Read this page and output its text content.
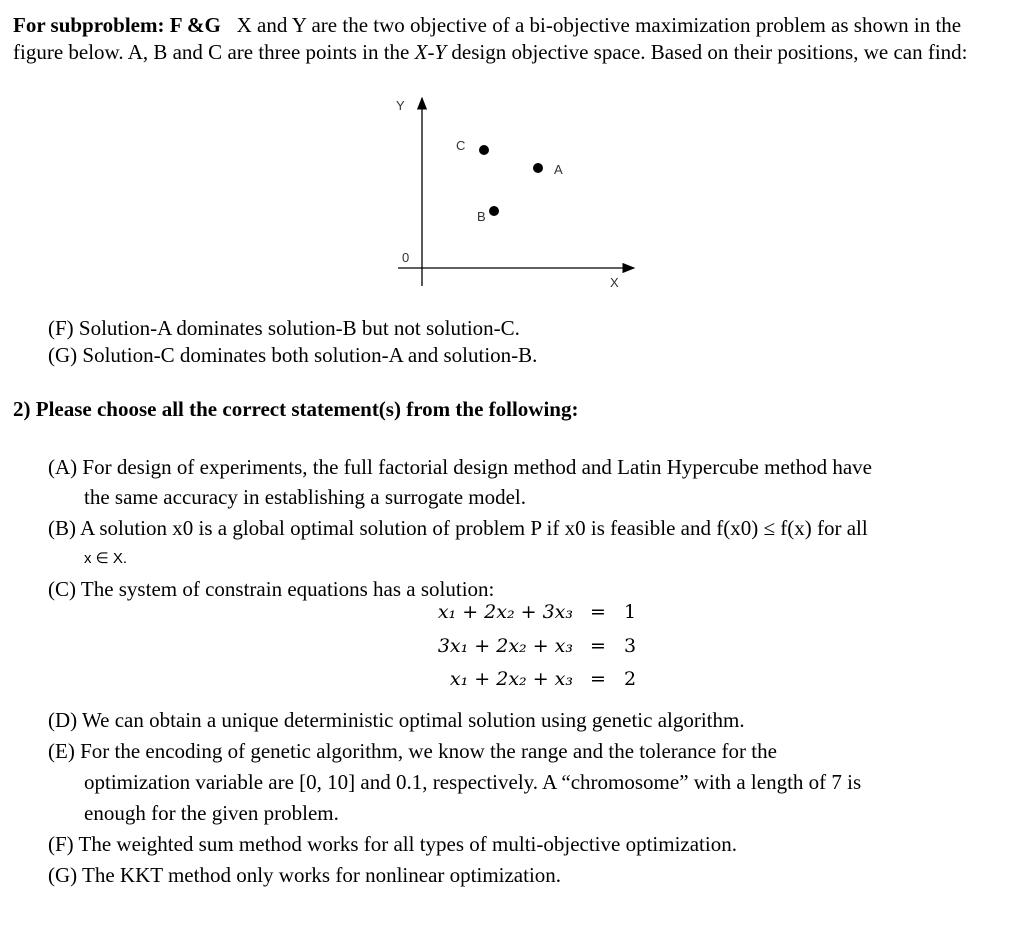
For subproblem: F &G X and Y are the two objective of a bi-objective maximization problem as shown in the figure below. A, B and C are three points in the X-Y design objective space. Based on their positions, we can find:
Y
X
0
C
A
B
(F) Solution-A dominates solution-B but not solution-C.
(G) Solution-C dominates both solution-A and solution-B.
2) Please choose all the correct statement(s) from the following:
(A) For design of experiments, the full factorial design method and Latin Hypercube method have
the same accuracy in establishing a surrogate model.
(B) A solution x0 is a global optimal solution of problem P if x0 is feasible and f(x0) ≤ f(x) for all
x ∈ X.
(C) The system of constrain equations has a solution:
x₁ + 2x₂ + 3x₃ = 1
3x₁ + 2x₂ + x₃ = 3
x₁ + 2x₂ + x₃ = 2
(D) We can obtain a unique deterministic optimal solution using genetic algorithm.
(E) For the encoding of genetic algorithm, we know the range and the tolerance for the
optimization variable are [0, 10] and 0.1, respectively. A “chromosome” with a length of 7 is
enough for the given problem.
(F) The weighted sum method works for all types of multi-objective optimization.
(G) The KKT method only works for nonlinear optimization.
